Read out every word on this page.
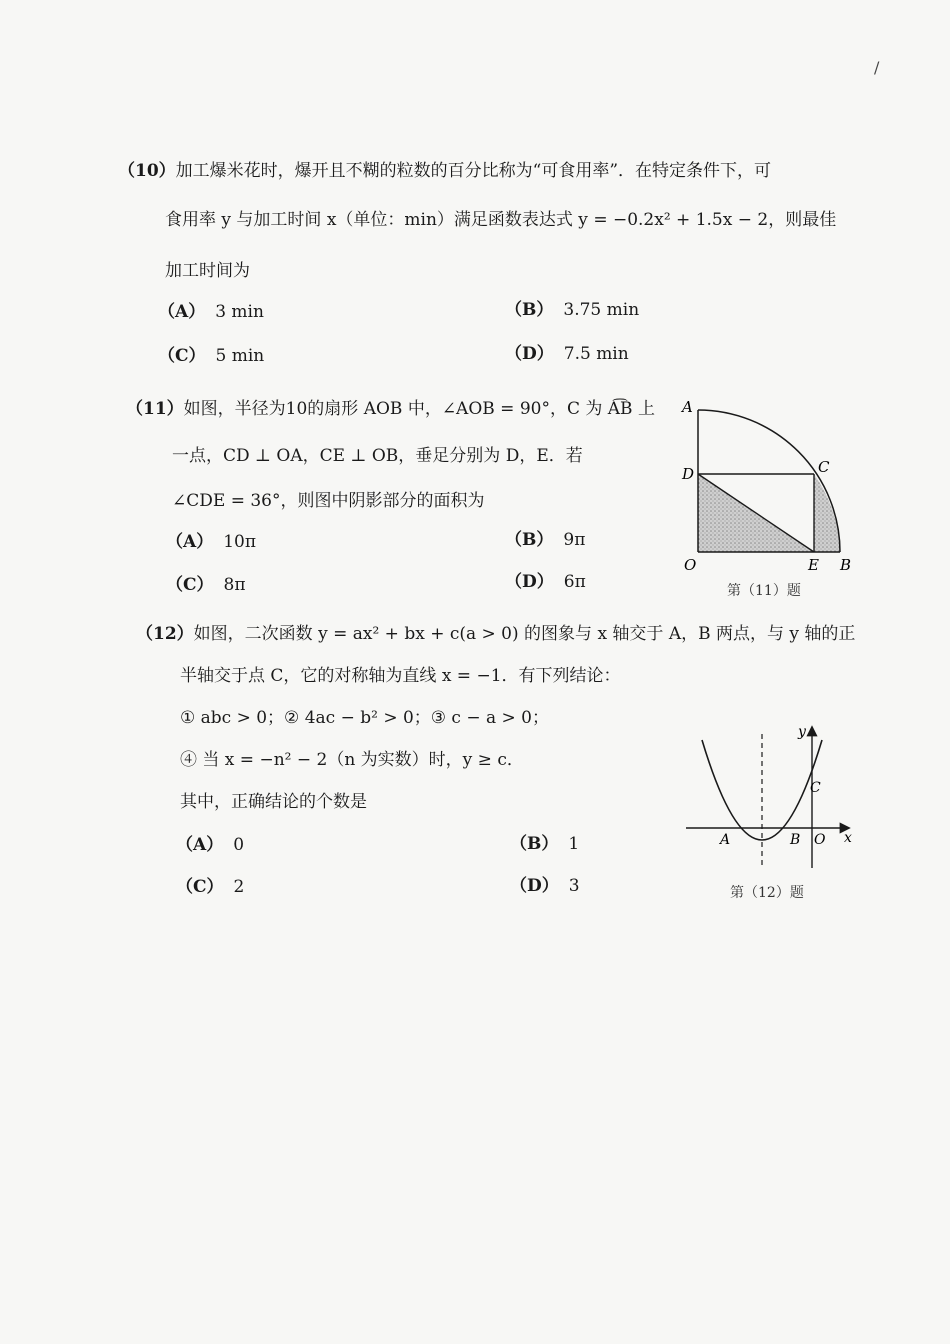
/
（10）加工爆米花时，爆开且不糊的粒数的百分比称为“可食用率”．在特定条件下，可
食用率 y 与加工时间 x（单位：min）满足函数表达式 y = −0.2x² + 1.5x − 2，则最佳
加工时间为
（A） 3 min	（B） 3.75 min
（C） 5 min	（D） 7.5 min
（11）如图，半径为10的扇形 AOB 中，∠AOB = 90°，C 为 A͡B 上
一点，CD ⊥ OA，CE ⊥ OB，垂足分别为 D，E．若
∠CDE = 36°，则图中阴影部分的面积为
（A） 10π	（B） 9π
（C） 8π	（D） 6π
A
D	C
O	E B
第（11）题
（12）如图，二次函数 y = ax² + bx + c(a > 0) 的图象与 x 轴交于 A，B 两点，与 y 轴的正
半轴交于点 C，它的对称轴为直线 x = −1．有下列结论：
① abc > 0；② 4ac − b² > 0；③ c − a > 0；
④ 当 x = −n² − 2（n 为实数）时，y ≥ c．
其中，正确结论的个数是
（A） 0	（B） 1
（C） 2	（D） 3
y
x
C
A	B O
第（12）题
